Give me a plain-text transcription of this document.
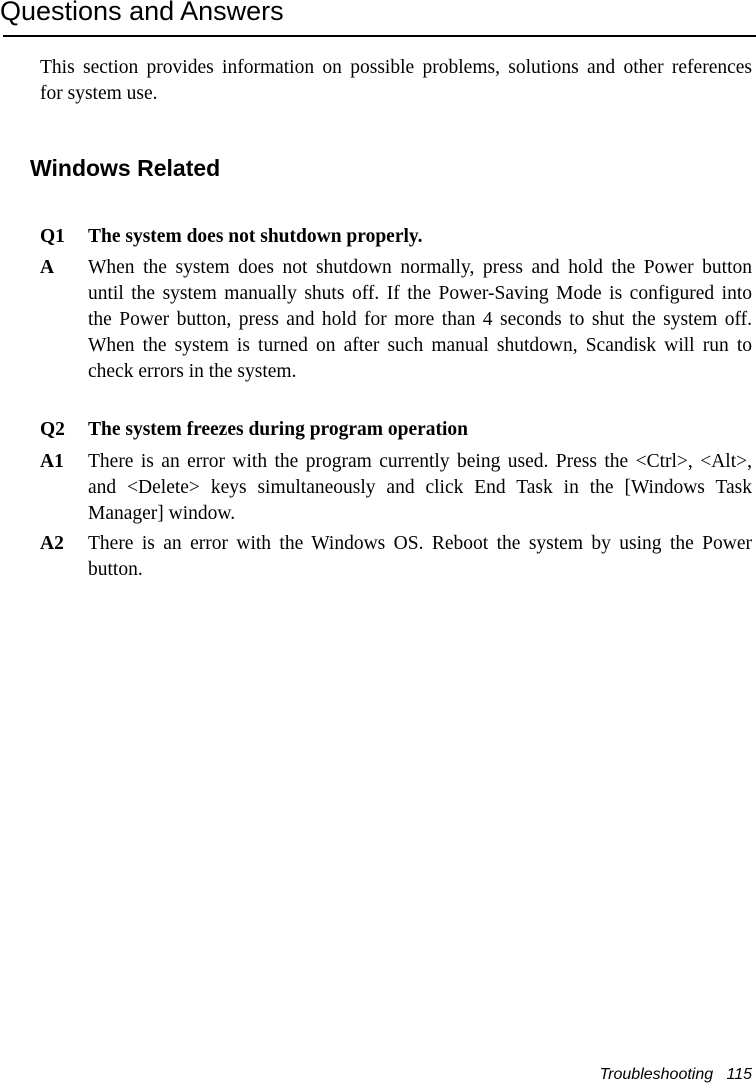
Questions and Answers
This section provides information on possible problems, solutions and other references
for system use.
Windows Related
Q1 The system does not shutdown properly.
A When the system does not shutdown normally, press and hold the Power button
until the system manually shuts off. If the Power-Saving Mode is configured into
the Power button, press and hold for more than 4 seconds to shut the system off.
When the system is turned on after such manual shutdown, Scandisk will run to
check errors in the system.
Q2 The system freezes during program operation
A1 There is an error with the program currently being used. Press the <Ctrl>, <Alt>,
and <Delete> keys simultaneously and click End Task in the [Windows Task
Manager] window.
A2 There is an error with the Windows OS. Reboot the system by using the Power
button.
Troubleshooting 115
